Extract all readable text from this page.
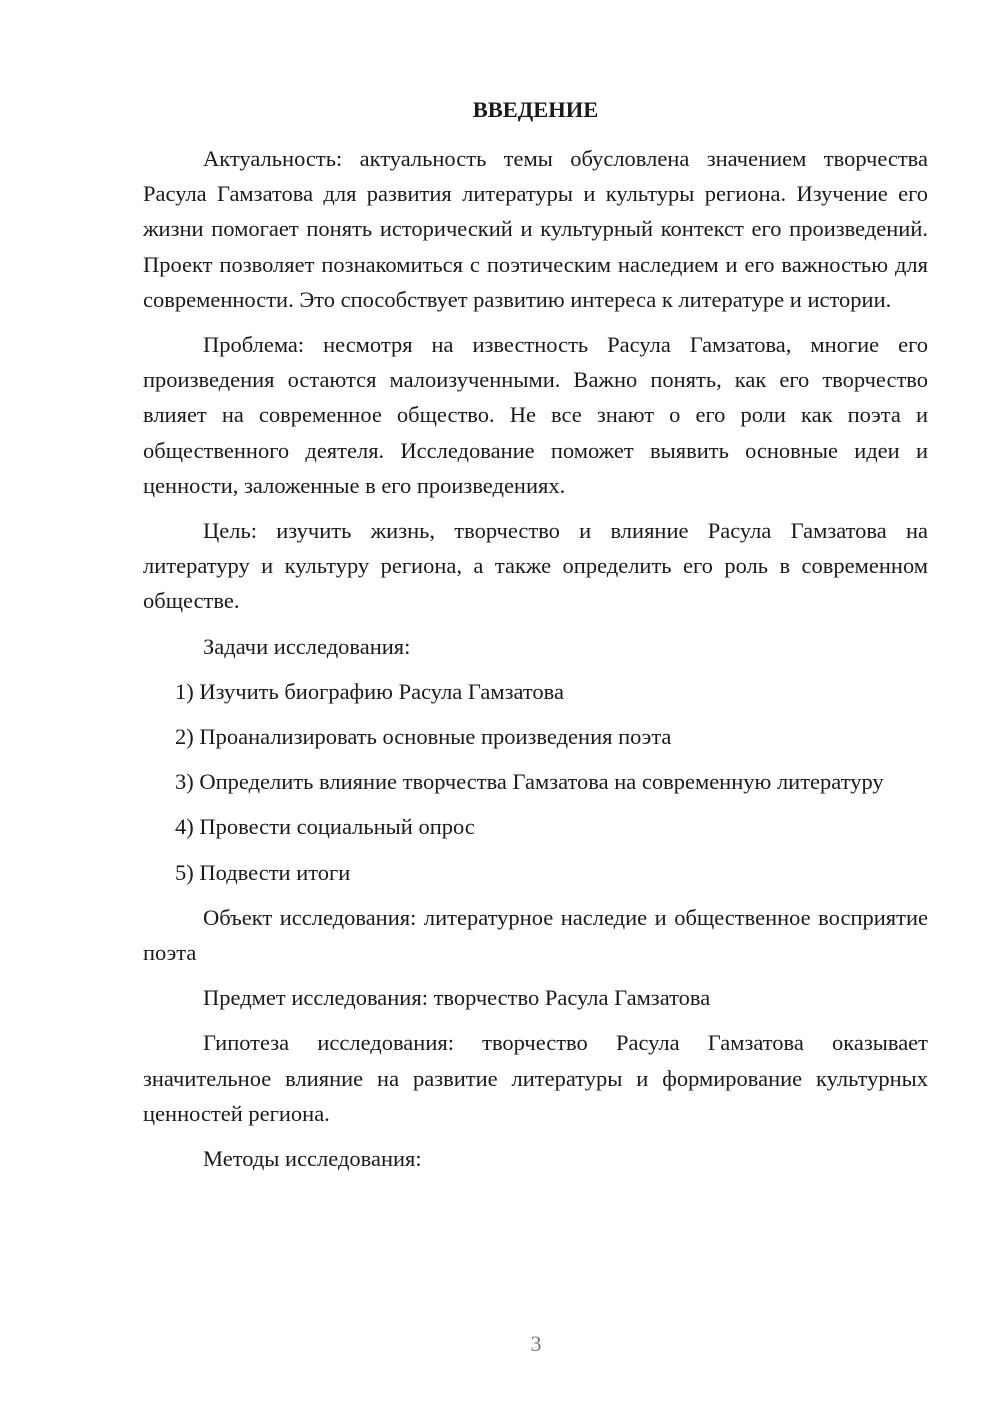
ВВЕДЕНИЕ

Актуальность: актуальность темы обусловлена значением творчества Расула Гамзатова для развития литературы и культуры региона. Изучение его жизни помогает понять исторический и культурный контекст его произведений. Проект позволяет познакомиться с поэтическим наследием и его важностью для современности. Это способствует развитию интереса к литературе и истории.

Проблема: несмотря на известность Расула Гамзатова, многие его произведения остаются малоизученными. Важно понять, как его творчество влияет на современное общество. Не все знают о его роли как поэта и общественного деятеля. Исследование поможет выявить основные идеи и ценности, заложенные в его произведениях.

Цель: изучить жизнь, творчество и влияние Расула Гамзатова на литературу и культуру региона, а также определить его роль в современном обществе.

Задачи исследования:

1) Изучить биографию Расула Гамзатова

2) Проанализировать основные произведения поэта

3) Определить влияние творчества Гамзатова на современную литературу

4) Провести социальный опрос

5) Подвести итоги

Объект исследования: литературное наследие и общественное восприятие поэта

Предмет исследования: творчество Расула Гамзатова

Гипотеза исследования: творчество Расула Гамзатова оказывает значительное влияние на развитие литературы и формирование культурных ценностей региона.

Методы исследования:

3
